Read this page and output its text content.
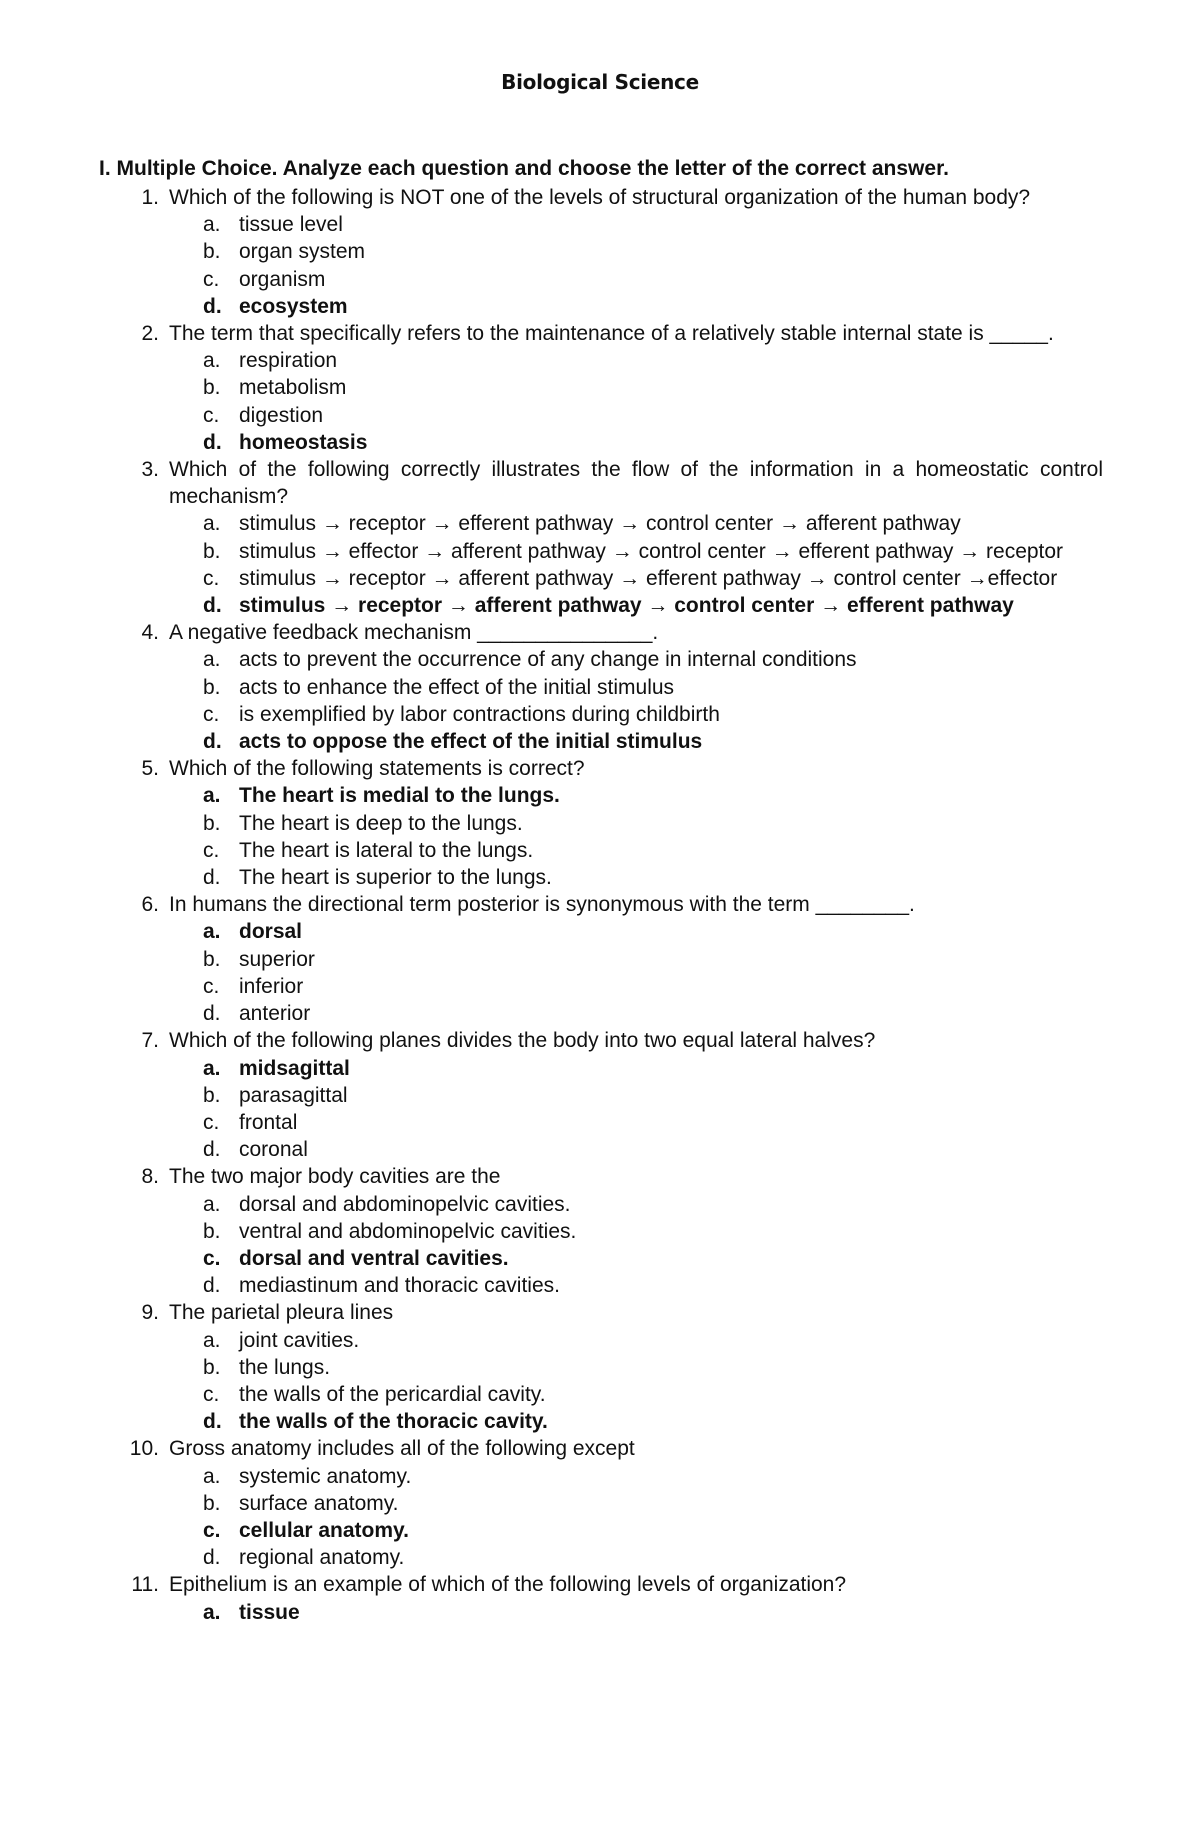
Biological Science
I. Multiple Choice. Analyze each question and choose the letter of the correct answer.
1. Which of the following is NOT one of the levels of structural organization of the human body?
a. tissue level
b. organ system
c. organism
d. ecosystem
2. The term that specifically refers to the maintenance of a relatively stable internal state is _____.
a. respiration
b. metabolism
c. digestion
d. homeostasis
3. Which of the following correctly illustrates the flow of the information in a homeostatic control mechanism?
a. stimulus → receptor → efferent pathway → control center → afferent pathway
b. stimulus → effector → afferent pathway → control center → efferent pathway → receptor
c. stimulus → receptor → afferent pathway → efferent pathway → control center →effector
d. stimulus → receptor → afferent pathway → control center → efferent pathway
4. A negative feedback mechanism _______________.
a. acts to prevent the occurrence of any change in internal conditions
b. acts to enhance the effect of the initial stimulus
c. is exemplified by labor contractions during childbirth
d. acts to oppose the effect of the initial stimulus
5. Which of the following statements is correct?
a. The heart is medial to the lungs.
b. The heart is deep to the lungs.
c. The heart is lateral to the lungs.
d. The heart is superior to the lungs.
6. In humans the directional term posterior is synonymous with the term ________.
a. dorsal
b. superior
c. inferior
d. anterior
7. Which of the following planes divides the body into two equal lateral halves?
a. midsagittal
b. parasagittal
c. frontal
d. coronal
8. The two major body cavities are the
a. dorsal and abdominopelvic cavities.
b. ventral and abdominopelvic cavities.
c. dorsal and ventral cavities.
d. mediastinum and thoracic cavities.
9. The parietal pleura lines
a. joint cavities.
b. the lungs.
c. the walls of the pericardial cavity.
d. the walls of the thoracic cavity.
10. Gross anatomy includes all of the following except
a. systemic anatomy.
b. surface anatomy.
c. cellular anatomy.
d. regional anatomy.
11. Epithelium is an example of which of the following levels of organization?
a. tissue
